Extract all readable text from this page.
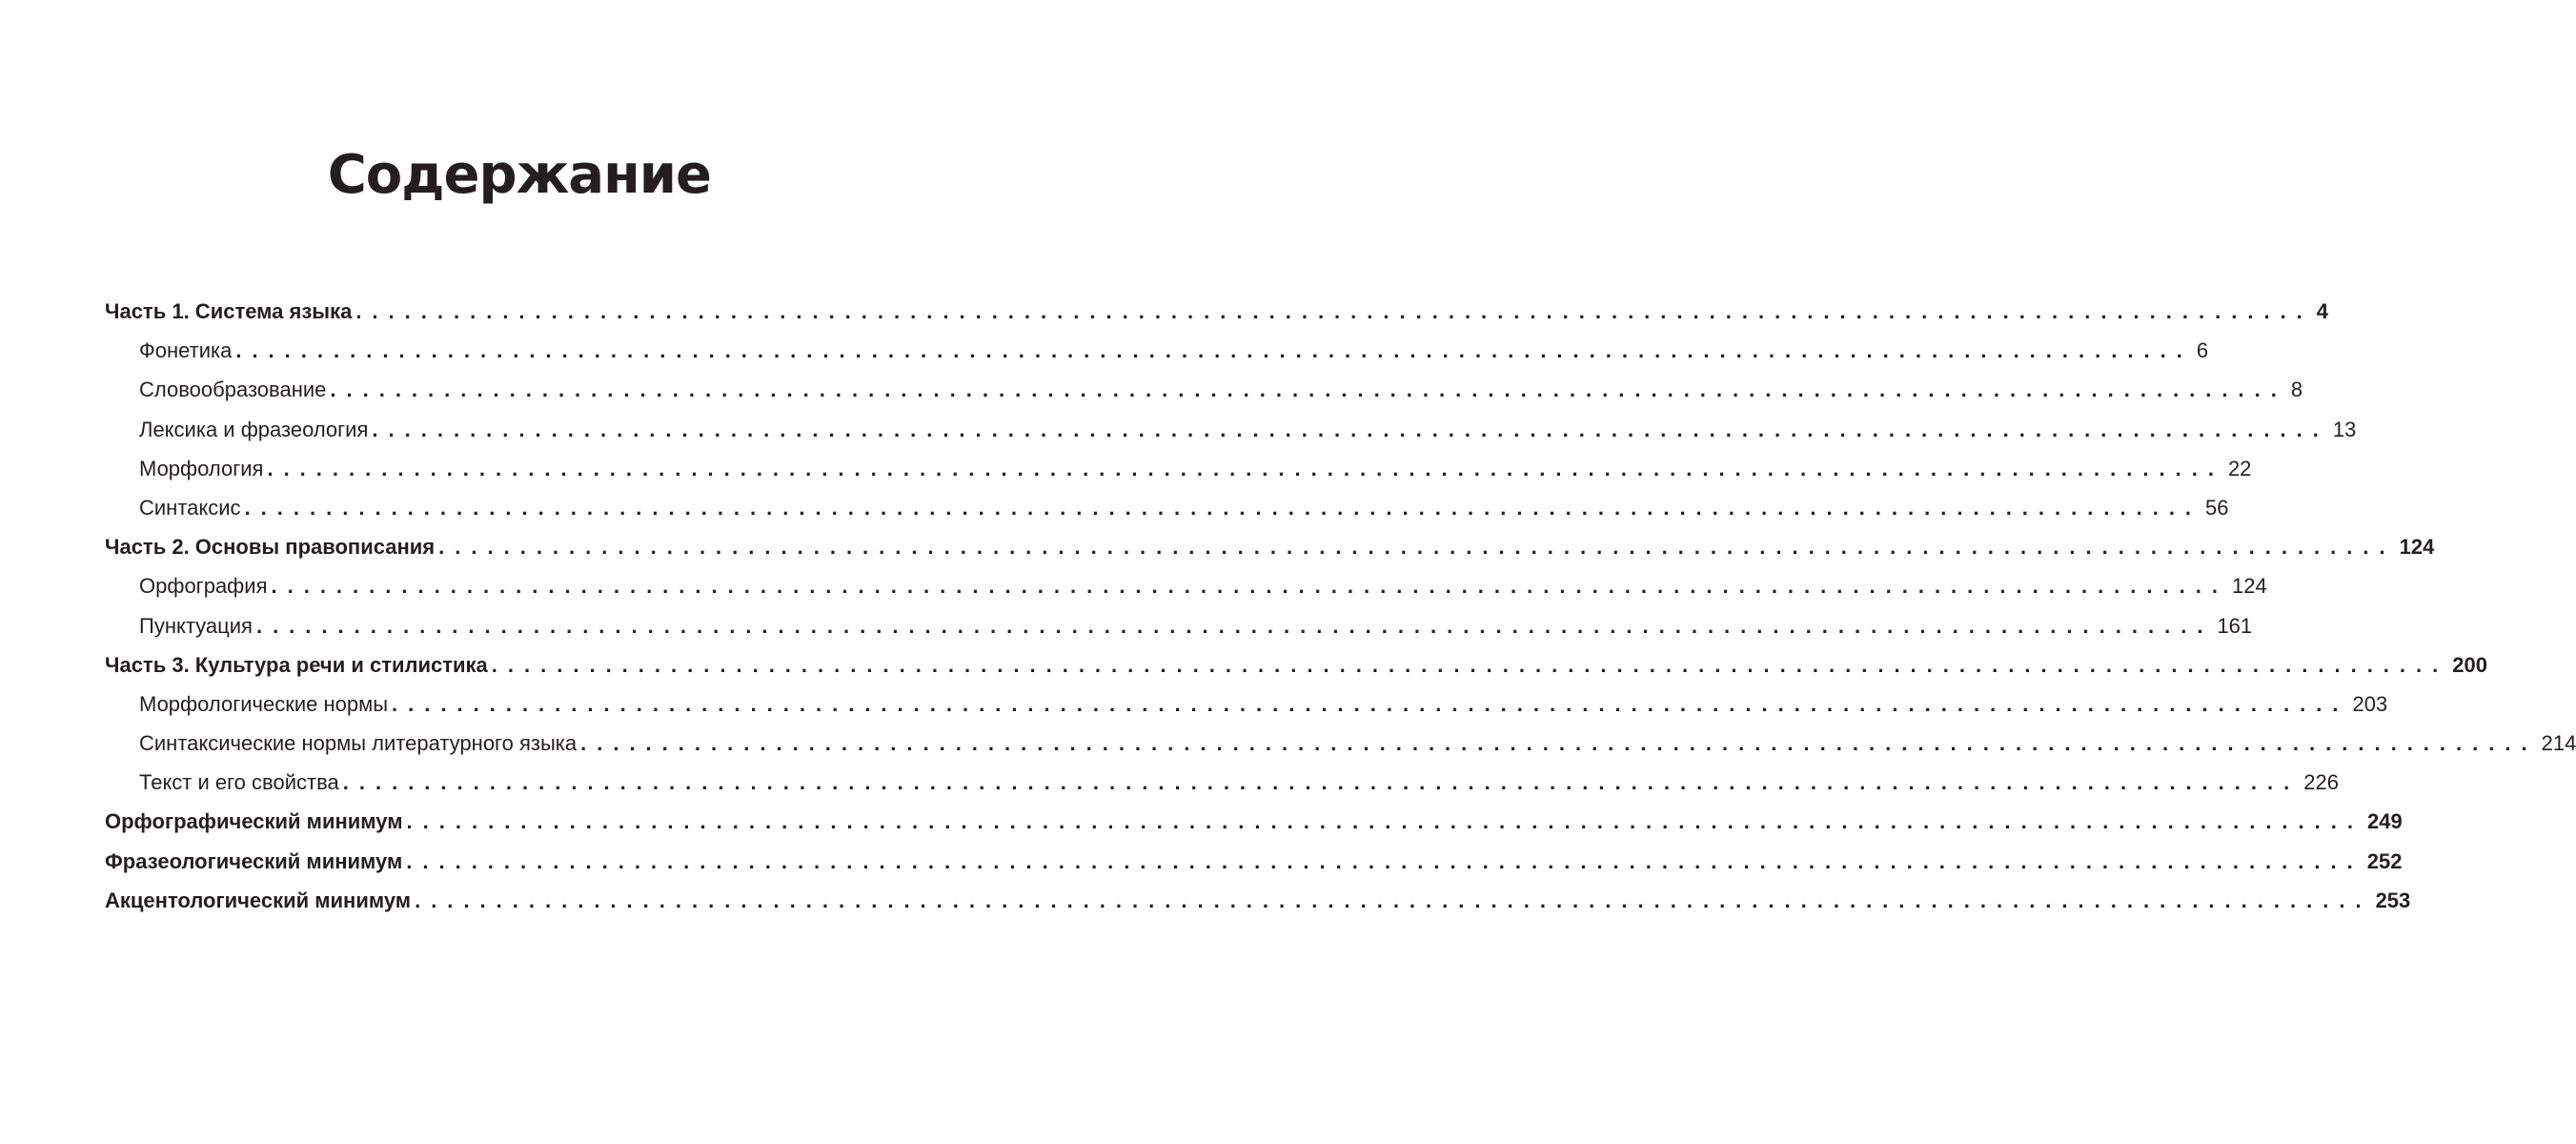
Содержание
Часть 1. Система языка ........................................................................................................................ 4
Фонетика ........................................................................................................................ 6
Словообразование ........................................................................................................................ 8
Лексика и фразеология ........................................................................................................................ 13
Морфология ........................................................................................................................ 22
Синтаксис ........................................................................................................................ 56
Часть 2. Основы правописания ........................................................................................................................ 124
Орфография ........................................................................................................................ 124
Пунктуация ........................................................................................................................ 161
Часть 3. Культура речи и стилистика ........................................................................................................................ 200
Морфологические нормы ........................................................................................................................ 203
Синтаксические нормы литературного языка ........................................................................................................................ 214
Текст и его свойства ........................................................................................................................ 226
Орфографический минимум ........................................................................................................................ 249
Фразеологический минимум ........................................................................................................................ 252
Акцентологический минимум ........................................................................................................................ 253
